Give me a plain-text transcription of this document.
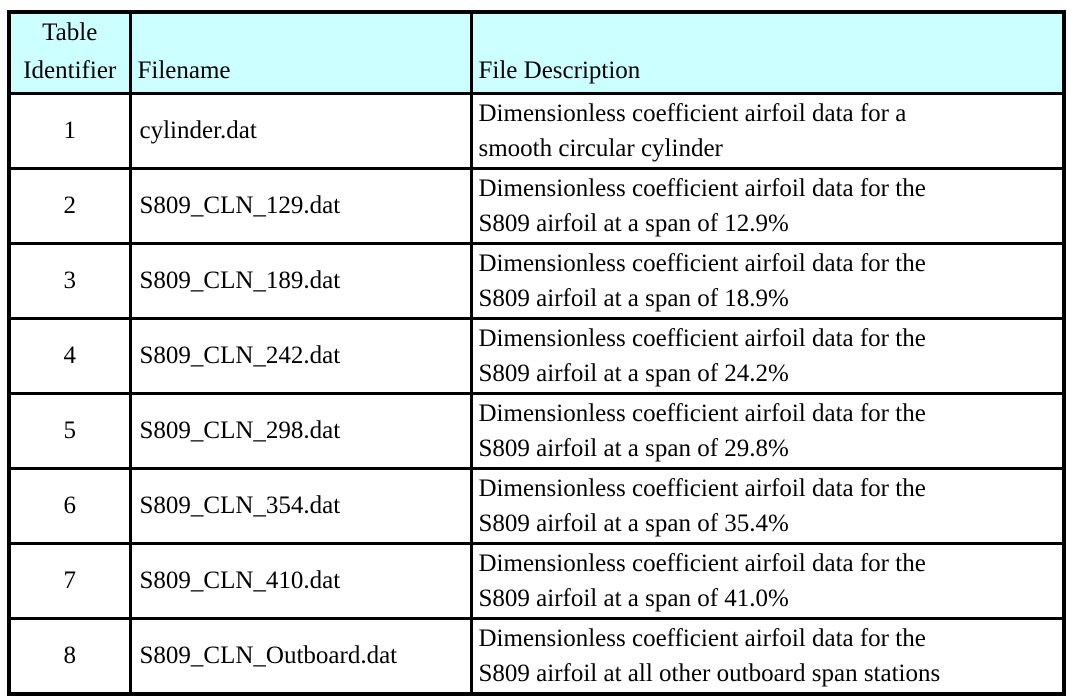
Table Identifier	Filename	File Description
1	cylinder.dat	Dimensionless coefficient airfoil data for a
smooth circular cylinder

2	S809_CLN_129.dat	Dimensionless coefficient airfoil data for the
S809 airfoil at a span of 12.9%

3	S809_CLN_189.dat	Dimensionless coefficient airfoil data for the
S809 airfoil at a span of 18.9%

4	S809_CLN_242.dat	Dimensionless coefficient airfoil data for the
S809 airfoil at a span of 24.2%

5	S809_CLN_298.dat	Dimensionless coefficient airfoil data for the
S809 airfoil at a span of 29.8%

6	S809_CLN_354.dat	Dimensionless coefficient airfoil data for the
S809 airfoil at a span of 35.4%

7	S809_CLN_410.dat	Dimensionless coefficient airfoil data for the
S809 airfoil at a span of 41.0%

8	S809_CLN_Outboard.dat	Dimensionless coefficient airfoil data for the
S809 airfoil at all other outboard span stations
